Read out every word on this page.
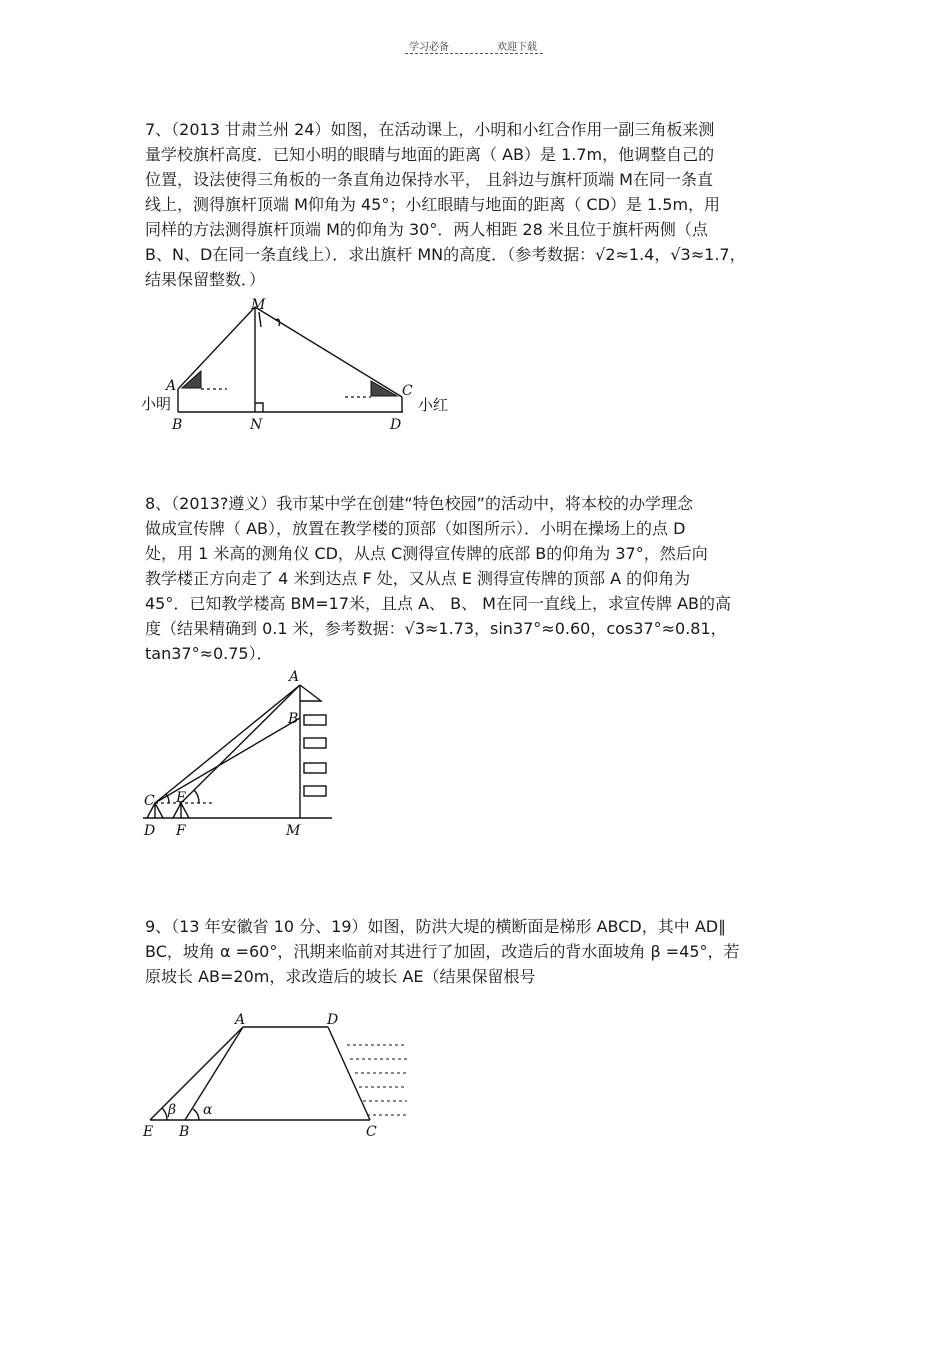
学习必备	欢迎下载

7、（2013 甘肃兰州 24）如图，在活动课上，小明和小红合作用一副三角板来测

量学校旗杆高度．已知小明的眼睛与地面的距离（ AB）是 1.7m，他调整自己的

位置，设法使得三角板的一条直角边保持水平， 且斜边与旗杆顶端 M在同一条直

线上，测得旗杆顶端 M仰角为 45°；小红眼睛与地面的距离（ CD）是 1.5m，用

同样的方法测得旗杆顶端 M的仰角为 30°．两人相距 28 米且位于旗杆两侧（点

B、N、D在同一条直线上）．求出旗杆 MN的高度．（参考数据：√2≈1.4，√3≈1.7，

结果保留整数．）

M
A	C
B	N	D
小明	小红

8、（2013?遵义）我市某中学在创建“特色校园”的活动中，将本校的办学理念

做成宣传牌（ AB），放置在教学楼的顶部（如图所示）．小明在操场上的点 D

处，用 1 米高的测角仪 CD，从点 C测得宣传牌的底部 B的仰角为 37°，然后向

教学楼正方向走了 4 米到达点 F 处，又从点 E 测得宣传牌的顶部 A 的仰角为

45°．已知教学楼高 BM=17米，且点 A、 B、 M在同一直线上，求宣传牌 AB的高

度（结果精确到 0.1 米，参考数据：√3≈1.73，sin37°≈0.60，cos37°≈0.81，

tan37°≈0.75）．

A
B
C E
D F	M

9、（13 年安徽省 10 分、19）如图，防洪大堤的横断面是梯形 ABCD，其中 AD∥

BC，坡角 α =60°，汛期来临前对其进行了加固，改造后的背水面坡角 β =45°，若

原坡长 AB=20m，求改造后的坡长 AE（结果保留根号

A	D
E B	C
β α
